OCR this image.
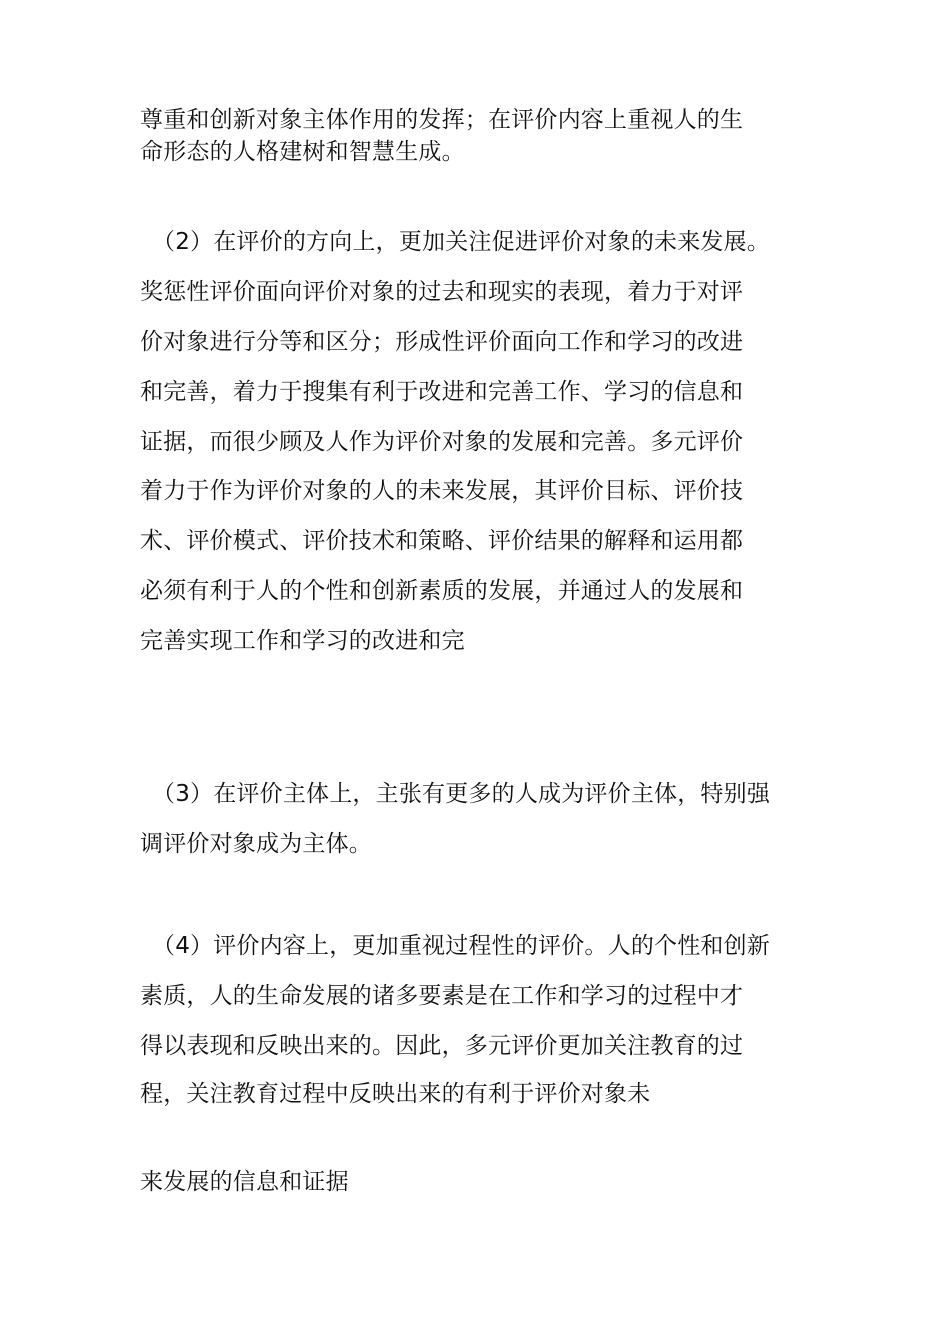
尊重和创新对象主体作用的发挥；在评价内容上重视人的生
命形态的人格建树和智慧生成。
（2）在评价的方向上，更加关注促进评价对象的未来发展。
奖惩性评价面向评价对象的过去和现实的表现，着力于对评
价对象进行分等和区分；形成性评价面向工作和学习的改进
和完善，着力于搜集有利于改进和完善工作、学习的信息和
证据，而很少顾及人作为评价对象的发展和完善。多元评价
着力于作为评价对象的人的未来发展，其评价目标、评价技
术、评价模式、评价技术和策略、评价结果的解释和运用都
必须有利于人的个性和创新素质的发展，并通过人的发展和
完善实现工作和学习的改进和完
（3）在评价主体上，主张有更多的人成为评价主体，特别强
调评价对象成为主体。
（4）评价内容上，更加重视过程性的评价。人的个性和创新
素质，人的生命发展的诸多要素是在工作和学习的过程中才
得以表现和反映出来的。因此，多元评价更加关注教育的过
程，关注教育过程中反映出来的有利于评价对象未
来发展的信息和证据
